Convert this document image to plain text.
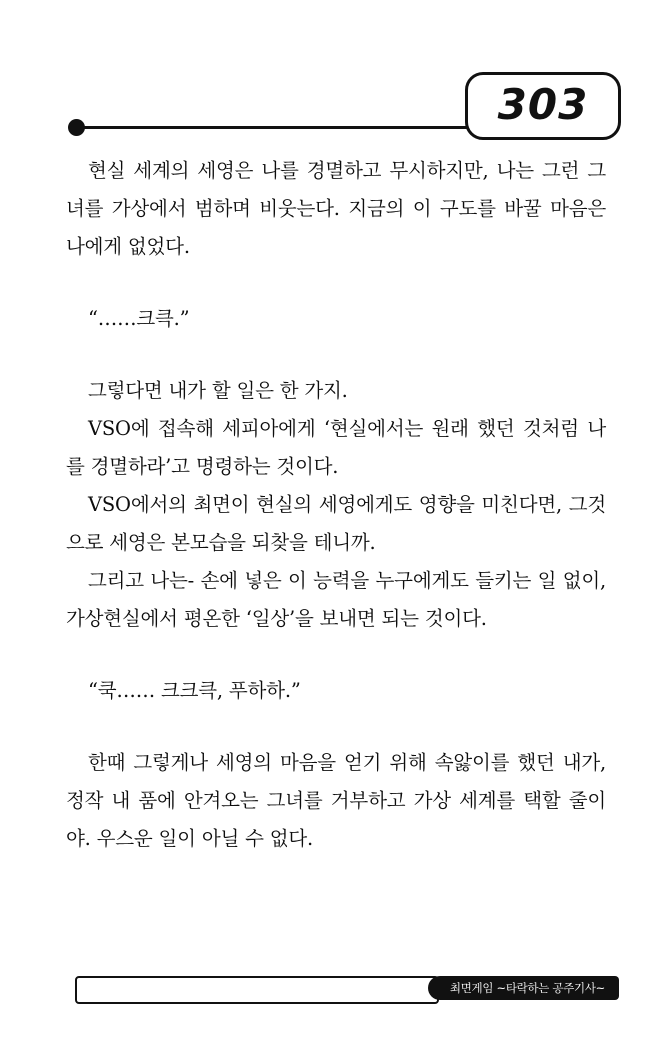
303

현실 세계의 세영은 나를 경멸하고 무시하지만, 나는 그런 그녀를 가상에서 범하며 비웃는다. 지금의 이 구도를 바꿀 마음은 나에게 없었다.

“……크큭.”

그렇다면 내가 할 일은 한 가지.

VSO에 접속해 세피아에게 ‘현실에서는 원래 했던 것처럼 나를 경멸하라’고 명령하는 것이다.

VSO에서의 최면이 현실의 세영에게도 영향을 미친다면, 그것으로 세영은 본모습을 되찾을 테니까.

그리고 나는- 손에 넣은 이 능력을 누구에게도 들키는 일 없이, 가상현실에서 평온한 ‘일상’을 보내면 되는 것이다.

“쿡…… 크크큭, 푸하하.”

한때 그렇게나 세영의 마음을 얻기 위해 속앓이를 했던 내가, 정작 내 품에 안겨오는 그녀를 거부하고 가상 세계를 택할 줄이야. 우스운 일이 아닐 수 없다.

최면게임 ~타락하는 공주기사~
